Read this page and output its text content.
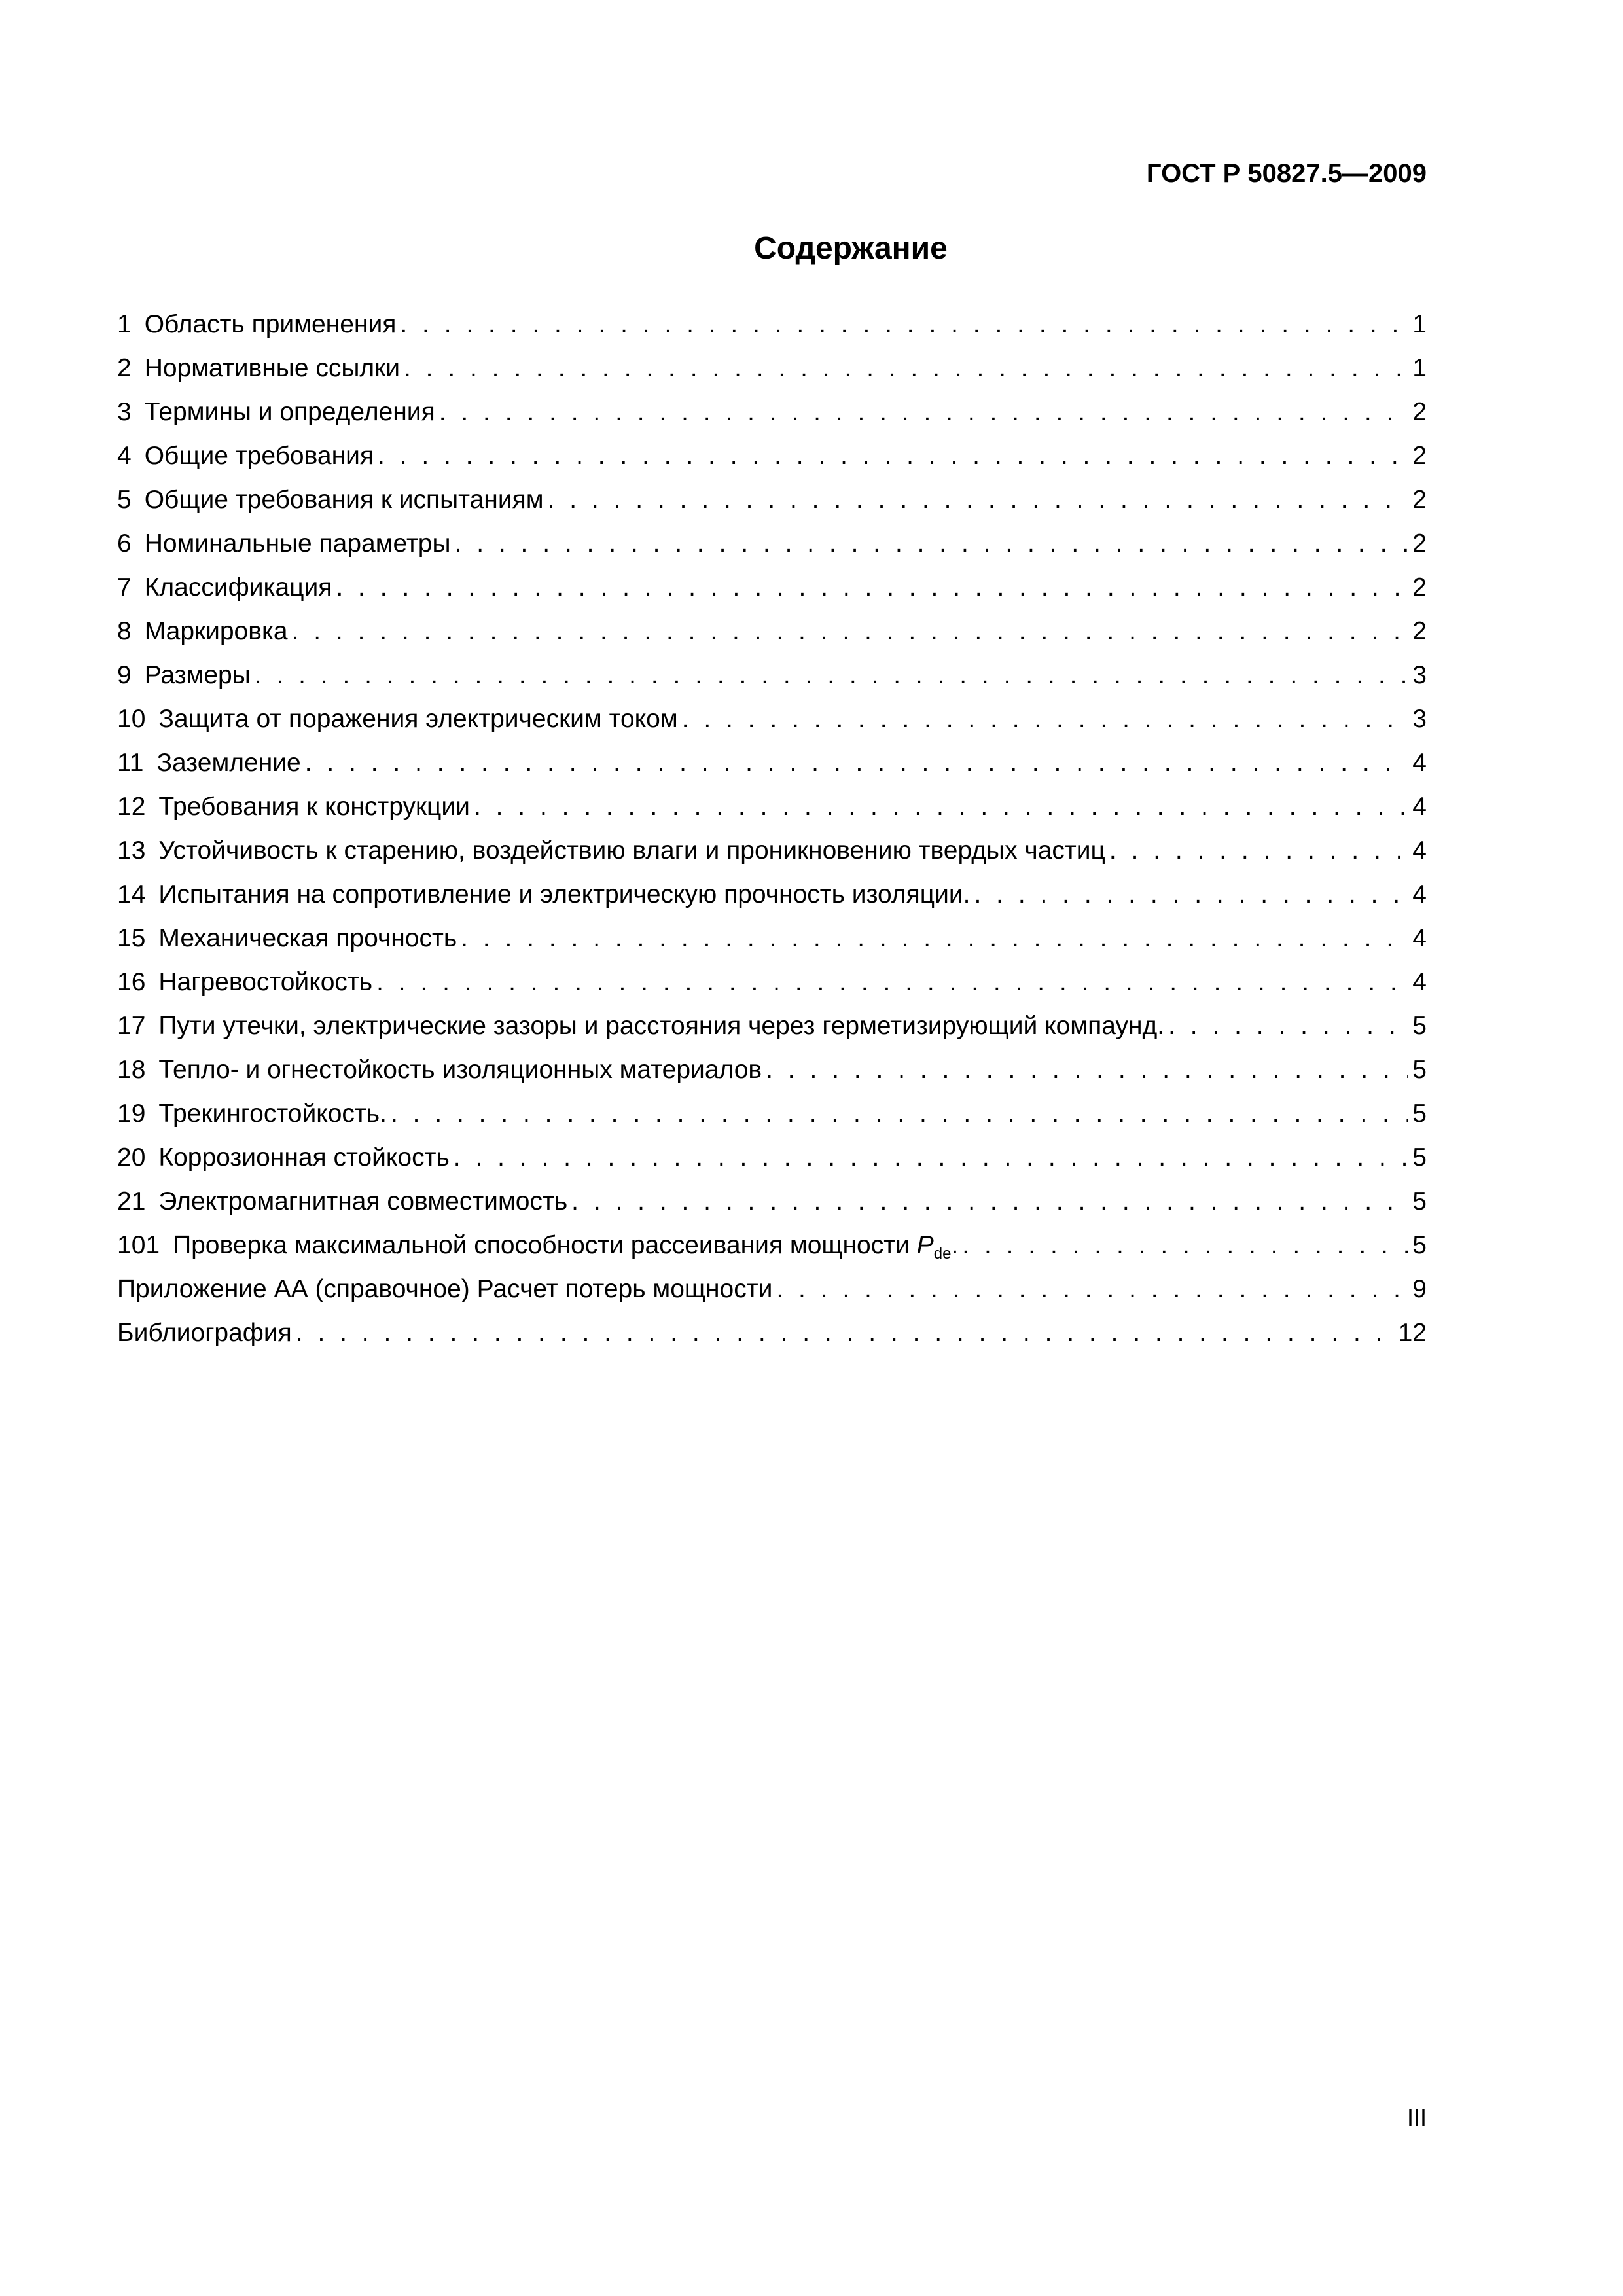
ГОСТ Р 50827.5—2009
Содержание
1 Область применения . . .	1
2 Нормативные ссылки . . .	1
3 Термины и определения . . .	2
4 Общие требования . . .	2
5 Общие требования к испытаниям . . .	2
6 Номинальные параметры . . .	2
7 Классификация . . .	2
8 Маркировка . . .	2
9 Размеры . . .	3
10 Защита от поражения электрическим током . . .	3
11 Заземление . . .	4
12 Требования к конструкции . . .	4
13 Устойчивость к старению, воздействию влаги и проникновению твердых частиц . . .	4
14 Испытания на сопротивление и электрическую прочность изоляции. . . .	4
15 Механическая прочность . . .	4
16 Нагревостойкость . . .	4
17 Пути утечки, электрические зазоры и расстояния через герметизирующий компаунд. . . .	5
18 Тепло- и огнестойкость изоляционных материалов . . .	5
19 Трекингостойкость. . . .	5
20 Коррозионная стойкость . . .	5
21 Электромагнитная совместимость . . .	5
101 Проверка максимальной способности рассеивания мощности $P_{de}$. . . .	5
Приложение АА (справочное) Расчет потерь мощности . . .	9
Библиография . . .	12
III
